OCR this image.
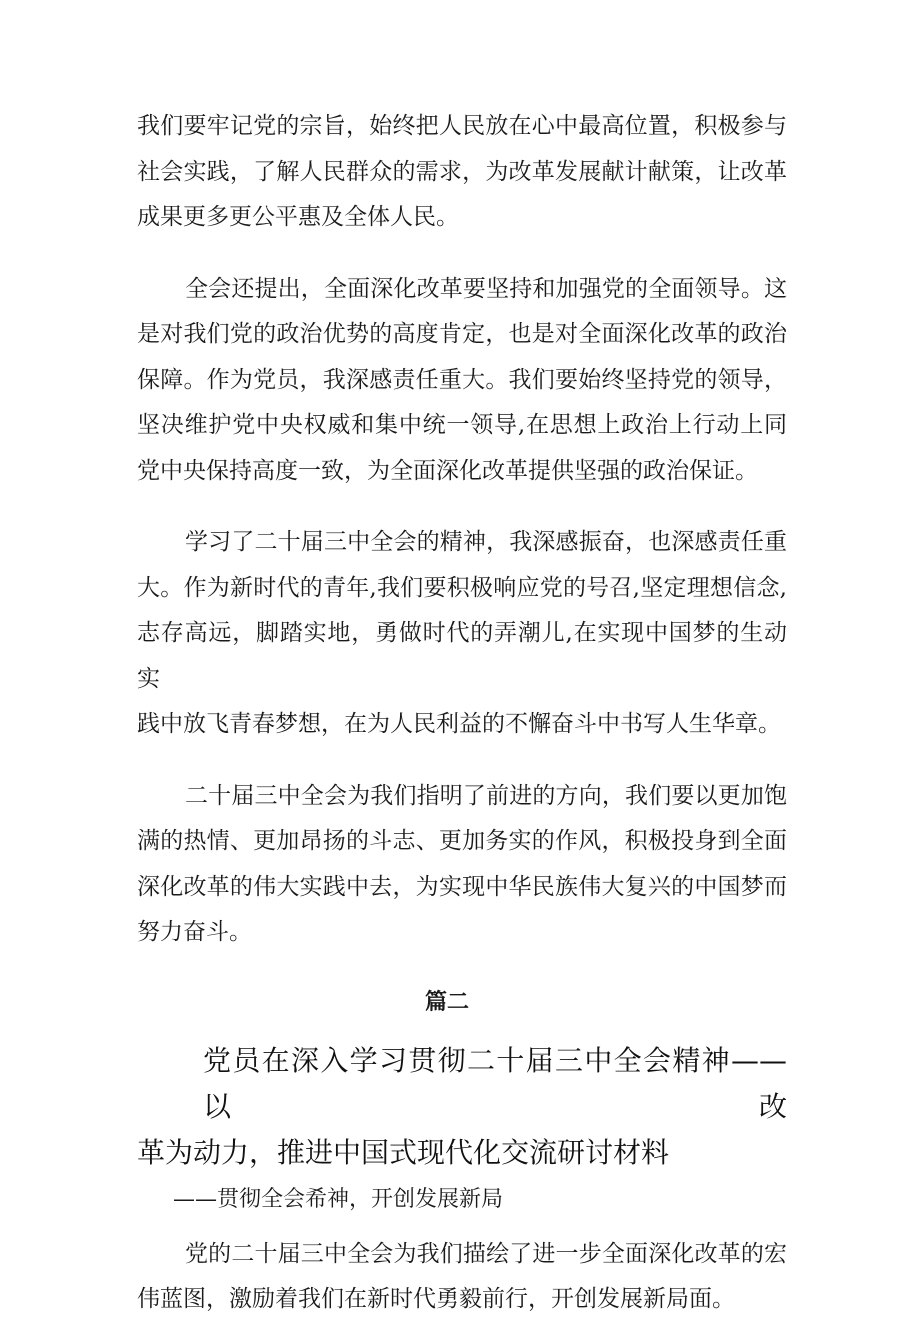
我们要牢记党的宗旨，始终把人民放在心中最高位置，积极参与
社会实践，了解人民群众的需求，为改革发展献计献策，让改革
成果更多更公平惠及全体人民。
全会还提出，全面深化改革要坚持和加强党的全面领导。这
是对我们党的政治优势的高度肯定，也是对全面深化改革的政治
保障。作为党员，我深感责任重大。我们要始终坚持党的领导，
坚决维护党中央权威和集中统一领导,在思想上政治上行动上同
党中央保持高度一致，为全面深化改革提供坚强的政治保证。
学习了二十届三中全会的精神，我深感振奋，也深感责任重
大。作为新时代的青年,我们要积极响应党的号召,坚定理想信念,
志存高远，脚踏实地，勇做时代的弄潮儿,在实现中国梦的生动实
践中放飞青春梦想，在为人民利益的不懈奋斗中书写人生华章。
二十届三中全会为我们指明了前进的方向，我们要以更加饱
满的热情、更加昂扬的斗志、更加务实的作风，积极投身到全面
深化改革的伟大实践中去，为实现中华民族伟大复兴的中国梦而
努力奋斗。
篇二
党员在深入学习贯彻二十届三中全会精神——以改
革为动力，推进中国式现代化交流研讨材料
——贯彻全会希神，开创发展新局
党的二十届三中全会为我们描绘了进一步全面深化改革的宏
伟蓝图，激励着我们在新时代勇毅前行，开创发展新局面。
